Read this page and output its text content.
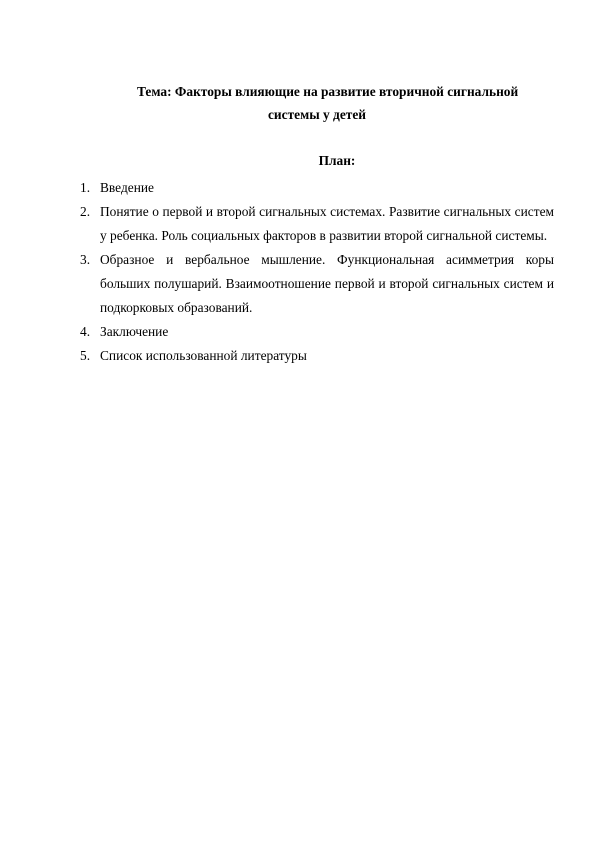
Тема: Факторы влияющие на развитие вторичной сигнальной

системы у детей

План:

1. Введение
2. Понятие о первой и второй сигнальных системах. Развитие сигнальных систем у ребенка. Роль социальных факторов в развитии второй сигнальной системы.
3. Образное и вербальное мышление. Функциональная асимметрия коры больших полушарий. Взаимоотношение первой и второй сигнальных систем и подкорковых образований.
4. Заключение
5. Список использованной литературы
